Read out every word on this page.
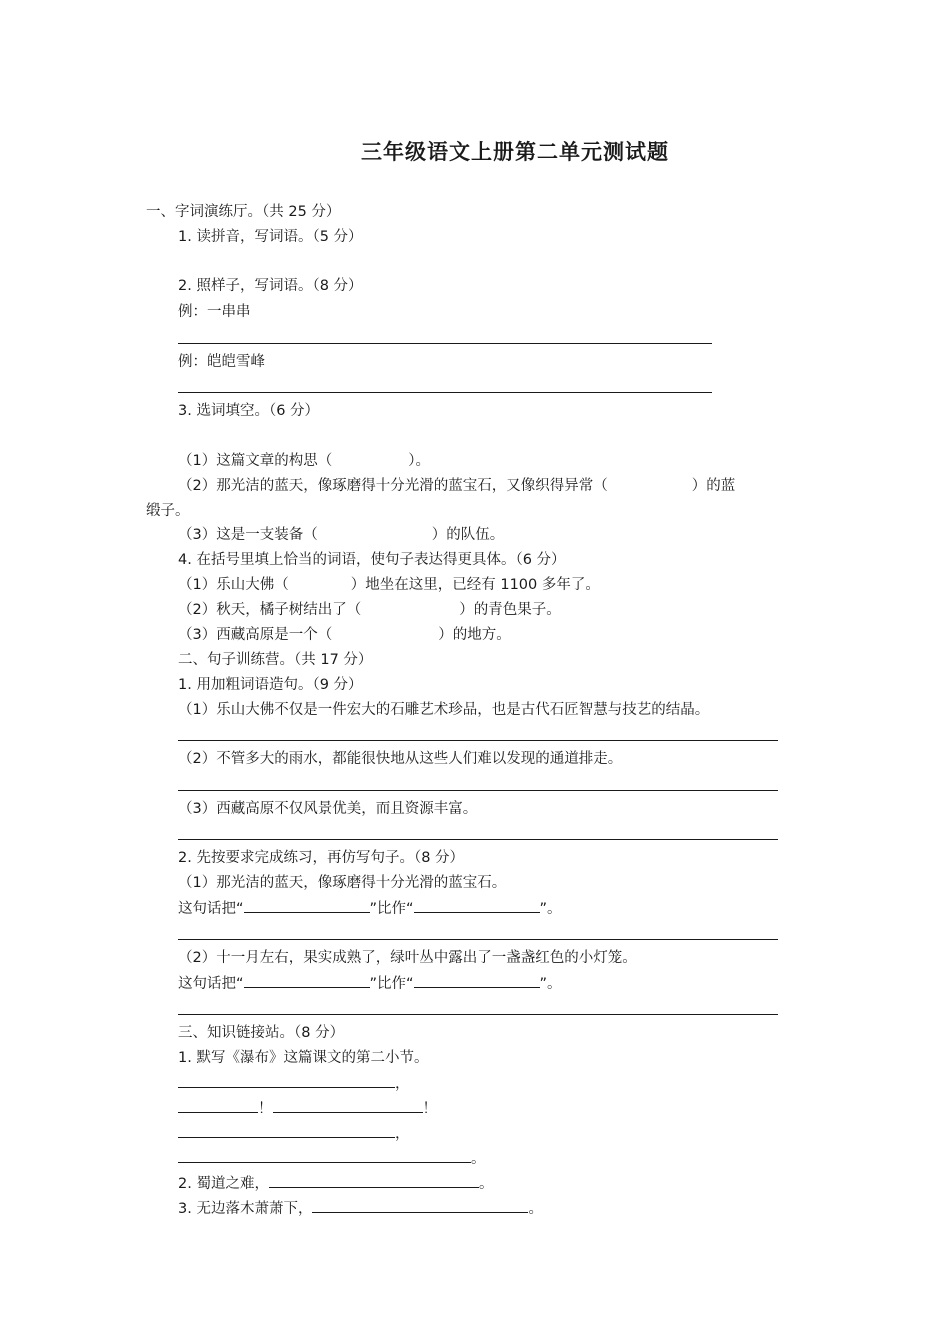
三年级语文上册第二单元测试题
一、字词演练厅。（共 25 分）
1. 读拼音，写词语。（5 分）
2. 照样子，写词语。（8 分）
例：一串串
例：皑皑雪峰
3. 选词填空。（6 分）
（1）这篇文章的构思（	）。
（2）那光洁的蓝天，像琢磨得十分光滑的蓝宝石，又像织得异常（	）的蓝
缎子。
（3）这是一支装备（	）的队伍。
4. 在括号里填上恰当的词语，使句子表达得更具体。（6 分）
（1）乐山大佛（	）地坐在这里，已经有 1100 多年了。
（2）秋天，橘子树结出了（	）的青色果子。
（3）西藏高原是一个（	）的地方。
二、句子训练营。（共 17 分）
1. 用加粗词语造句。（9 分）
（1）乐山大佛不仅是一件宏大的石雕艺术珍品，也是古代石匠智慧与技艺的结晶。
（2）不管多大的雨水，都能很快地从这些人们难以发现的通道排走。
（3）西藏高原不仅风景优美，而且资源丰富。
2. 先按要求完成练习，再仿写句子。（8 分）
（1）那光洁的蓝天，像琢磨得十分光滑的蓝宝石。
这句话把“	”比作“	”。
（2）十一月左右，果实成熟了，绿叶丛中露出了一盏盏红色的小灯笼。
这句话把“	”比作“	”。
三、知识链接站。（8 分）
1. 默写《瀑布》这篇课文的第二小节。
，
！	！
，
。
2. 蜀道之难，	。
3. 无边落木萧萧下，	。
